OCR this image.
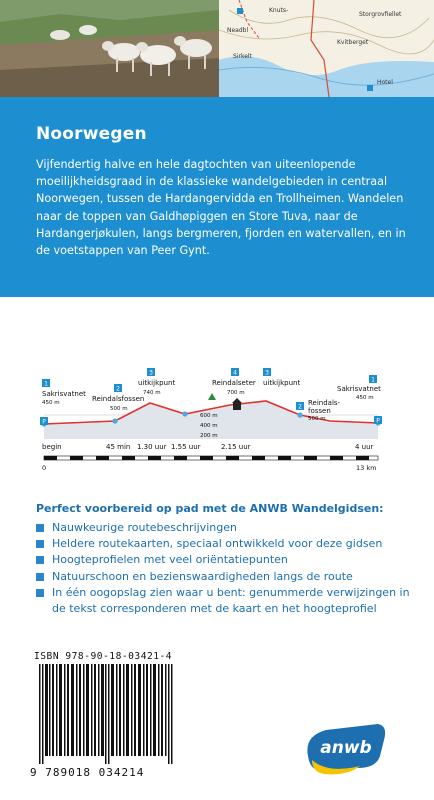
Knuts-
Storgrovfiellet
Neadbl
Kvitberget
Sirkelt
Hotel
Noorwegen
Vijfendertig halve en hele dagtochten van uiteenlopende moeilijkheidsgraad in de klassieke wandelgebieden in centraal Noorwegen, tussen de Hardangervidda en Trollheimen. Wandelen naar de toppen van Galdhøpiggen en Store Tuva, naar de Hardangerjøkulen, langs bergmeren, fjorden en watervallen, en in de voetstappen van Peer Gynt.
P	P
1
Sakrisvatnet
450 m
2
Reindalsfossen
500 m
3
uitkijkpunt
740 m
4
Reindalseter
700 m
3
uitkijkpunt
2 Reindals-
fossen
500 m
1
Sakrisvatnet
450 m
600 m
400 m
200 m
begin	45 min 1.30 uur 1.55 uur	2.15 uur	4 uur
0	13 km
Perfect voorbereid op pad met de ANWB Wandelgidsen:
Nauwkeurige routebeschrijvingen
Heldere routekaarten, speciaal ontwikkeld voor deze gidsen
Hoogteprofielen met veel oriëntatiepunten
Natuurschoon en bezienswaardigheden langs de route
In één oogopslag zien waar u bent: genummerde verwijzingen in de tekst corresponderen met de kaart en het hoogteprofiel
ISBN 978-90-18-03421-4
9 789018 034214
anwb
